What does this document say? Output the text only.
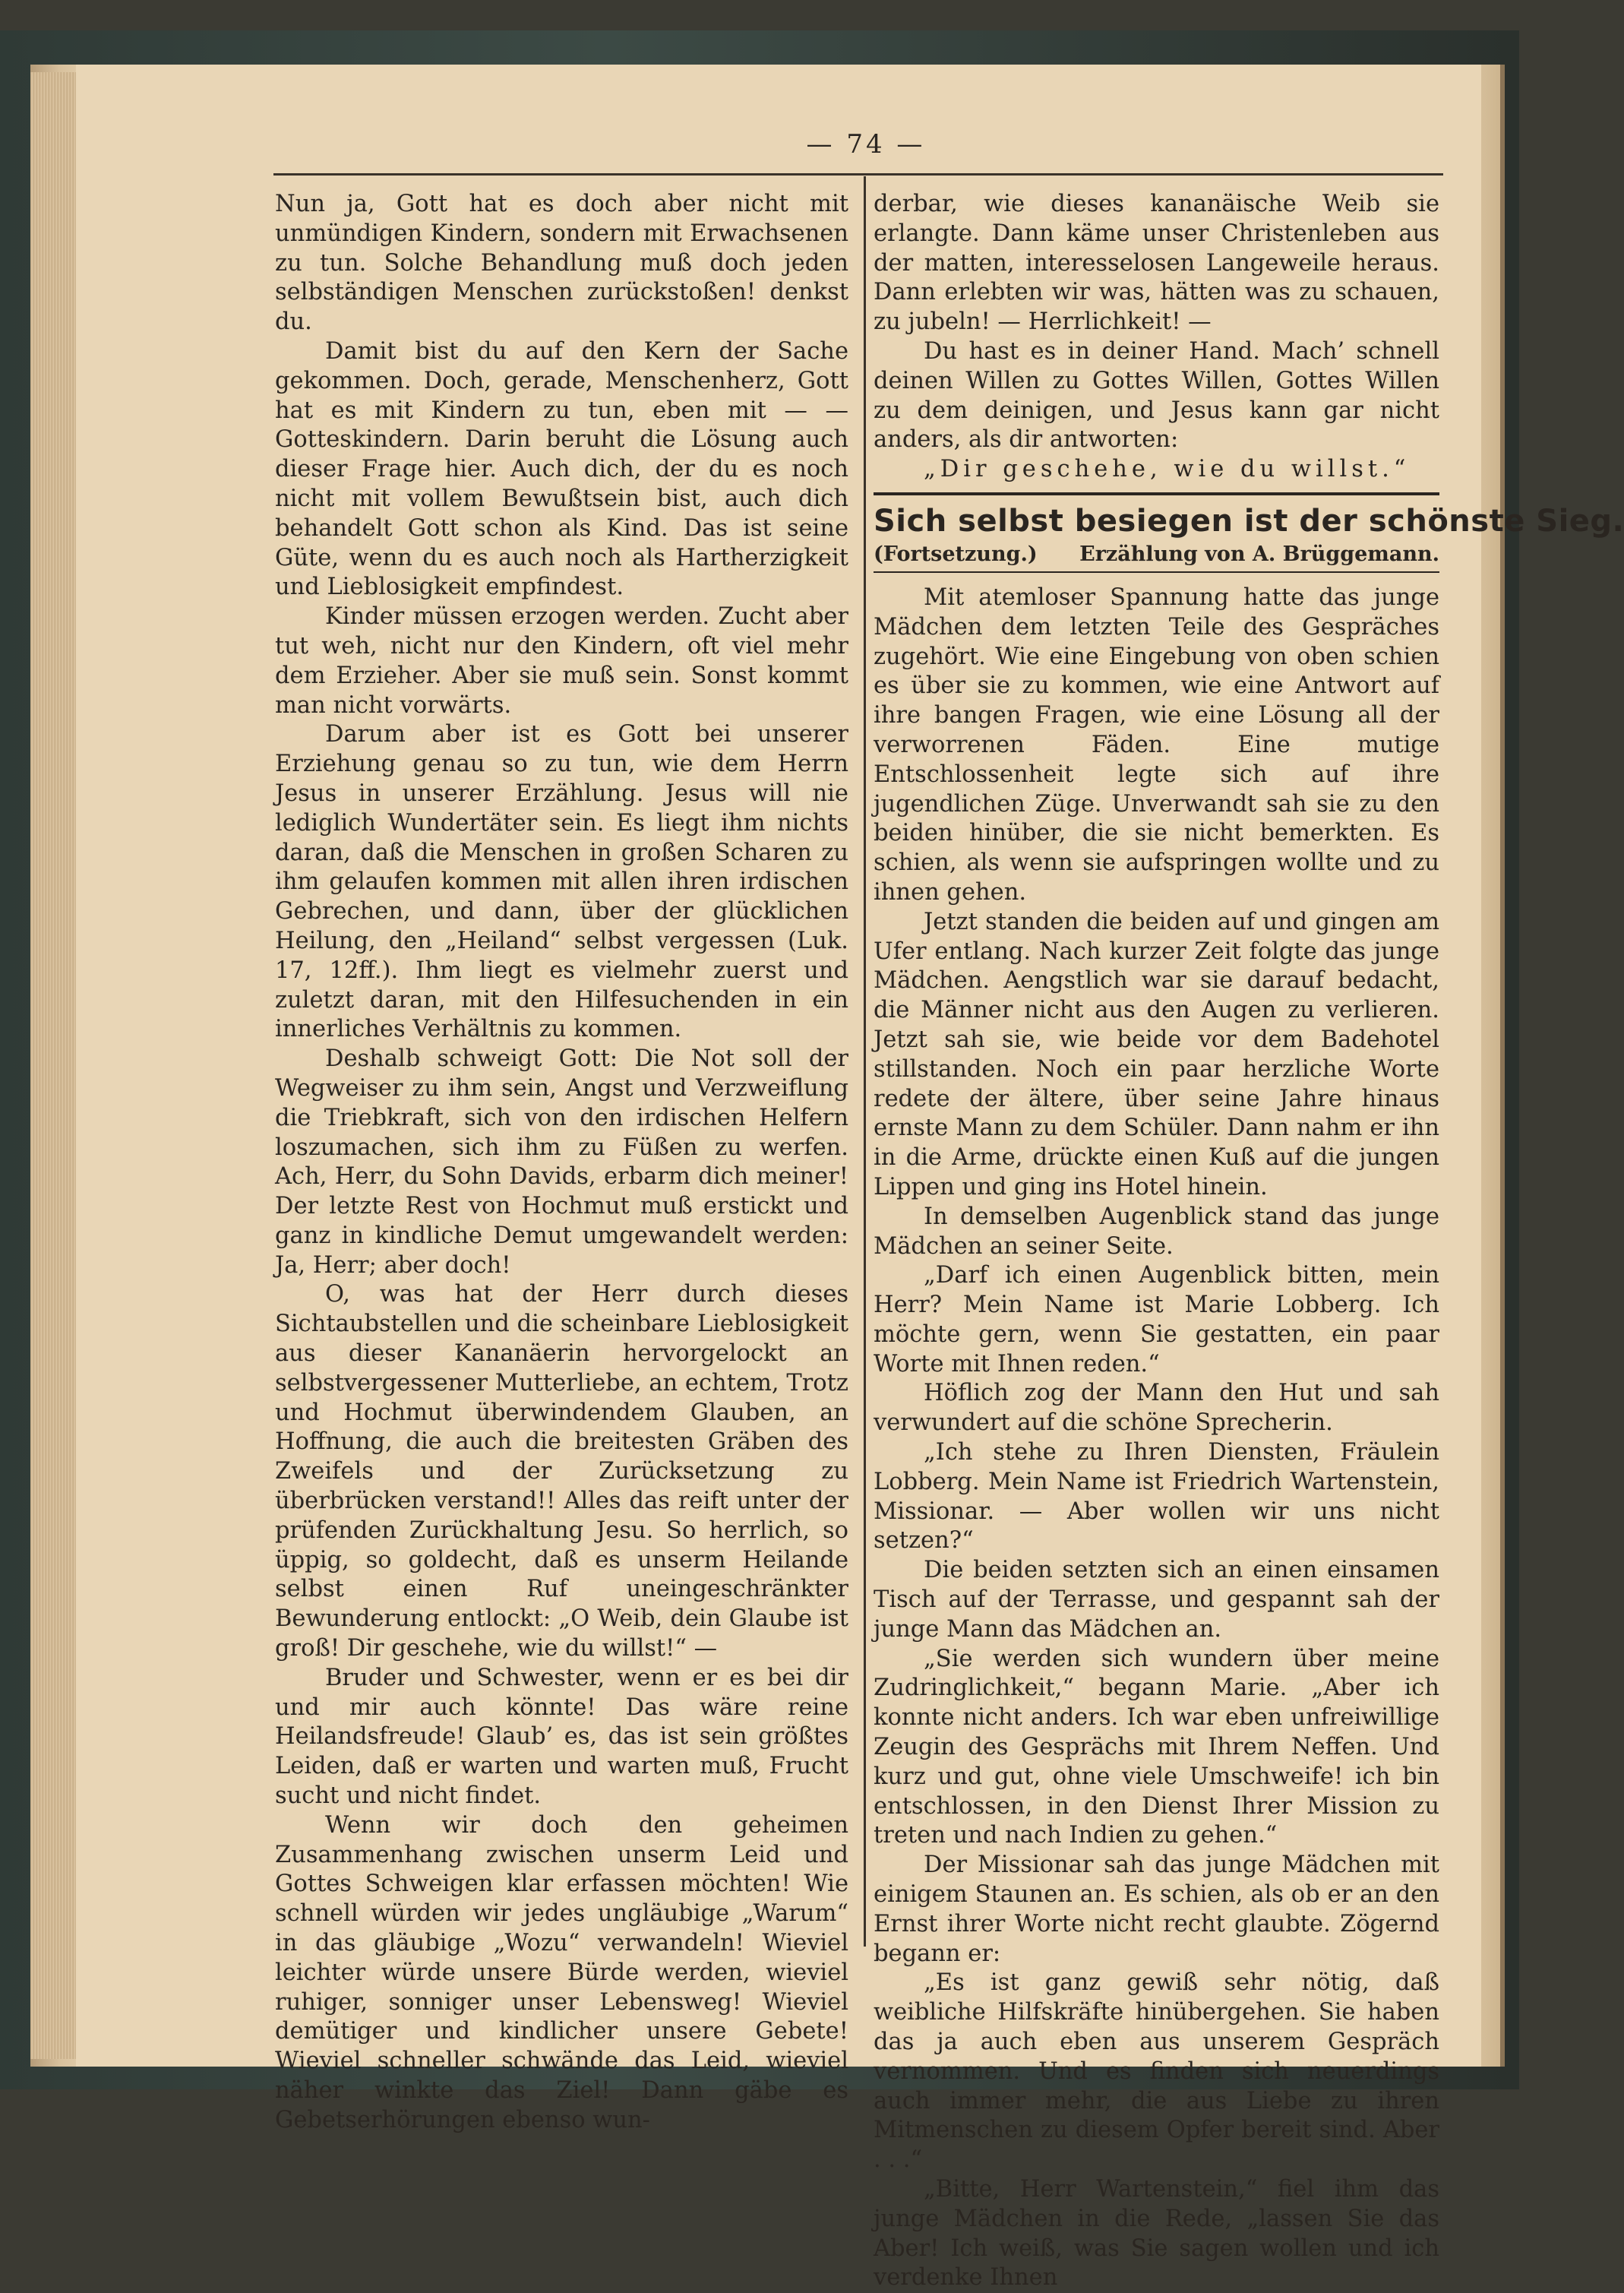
— 74 —

Nun ja, Gott hat es doch aber nicht mit unmündigen Kindern, sondern mit Erwachsenen zu tun. Solche Behandlung muß doch jeden selbständigen Menschen zurückstoßen! denkst du.

Damit bist du auf den Kern der Sache gekommen. Doch, gerade, Menschenherz, Gott hat es mit Kindern zu tun, eben mit — — Gotteskindern. Darin beruht die Lösung auch dieser Frage hier. Auch dich, der du es noch nicht mit vollem Bewußtsein bist, auch dich behandelt Gott schon als Kind. Das ist seine Güte, wenn du es auch noch als Hartherzigkeit und Lieblosigkeit empfindest.

Kinder müssen erzogen werden. Zucht aber tut weh, nicht nur den Kindern, oft viel mehr dem Erzieher. Aber sie muß sein. Sonst kommt man nicht vorwärts.

Darum aber ist es Gott bei unserer Erziehung genau so zu tun, wie dem Herrn Jesus in unserer Erzählung. Jesus will nie lediglich Wundertäter sein. Es liegt ihm nichts daran, daß die Menschen in großen Scharen zu ihm gelaufen kommen mit allen ihren irdischen Gebrechen, und dann, über der glücklichen Heilung, den „Heiland“ selbst vergessen (Luk. 17, 12ff.). Ihm liegt es vielmehr zuerst und zuletzt daran, mit den Hilfesuchenden in ein innerliches Verhältnis zu kommen.

Deshalb schweigt Gott: Die Not soll der Wegweiser zu ihm sein, Angst und Verzweiflung die Triebkraft, sich von den irdischen Helfern loszumachen, sich ihm zu Füßen zu werfen. Ach, Herr, du Sohn Davids, erbarm dich meiner! Der letzte Rest von Hochmut muß erstickt und ganz in kindliche Demut umgewandelt werden: Ja, Herr; aber doch!

O, was hat der Herr durch dieses Sichtaubstellen und die scheinbare Lieblosigkeit aus dieser Kananäerin hervorgelockt an selbstvergessener Mutterliebe, an echtem, Trotz und Hochmut überwindendem Glauben, an Hoffnung, die auch die breitesten Gräben des Zweifels und der Zurücksetzung zu überbrücken verstand!! Alles das reift unter der prüfenden Zurückhaltung Jesu. So herrlich, so üppig, so goldecht, daß es unserm Heilande selbst einen Ruf uneingeschränkter Bewunderung entlockt: „O Weib, dein Glaube ist groß! Dir geschehe, wie du willst!“ —

Bruder und Schwester, wenn er es bei dir und mir auch könnte! Das wäre reine Heilandsfreude! Glaub’ es, das ist sein größtes Leiden, daß er warten und warten muß, Frucht sucht und nicht findet.

Wenn wir doch den geheimen Zusammenhang zwischen unserm Leid und Gottes Schweigen klar erfassen möchten! Wie schnell würden wir jedes ungläubige „Warum“ in das gläubige „Wozu“ verwandeln! Wieviel leichter würde unsere Bürde werden, wieviel ruhiger, sonniger unser Lebensweg! Wieviel demütiger und kindlicher unsere Gebete! Wieviel schneller schwände das Leid, wieviel näher winkte das Ziel! Dann gäbe es Gebetserhörungen ebenso wun-

derbar, wie dieses kananäische Weib sie erlangte. Dann käme unser Christenleben aus der matten, interesselosen Langeweile heraus. Dann erlebten wir was, hätten was zu schauen, zu jubeln! — Herrlichkeit! —

Du hast es in deiner Hand. Mach’ schnell deinen Willen zu Gottes Willen, Gottes Willen zu dem deinigen, und Jesus kann gar nicht anders, als dir antworten:

„Dir geschehe, wie du willst.“

Sich selbst besiegen ist der schönste Sieg.
(Fortsetzung.) Erzählung von A. Brüggemann.

Mit atemloser Spannung hatte das junge Mädchen dem letzten Teile des Gespräches zugehört. Wie eine Eingebung von oben schien es über sie zu kommen, wie eine Antwort auf ihre bangen Fragen, wie eine Lösung all der verworrenen Fäden. Eine mutige Entschlossenheit legte sich auf ihre jugendlichen Züge. Unverwandt sah sie zu den beiden hinüber, die sie nicht bemerkten. Es schien, als wenn sie aufspringen wollte und zu ihnen gehen.

Jetzt standen die beiden auf und gingen am Ufer entlang. Nach kurzer Zeit folgte das junge Mädchen. Aengstlich war sie darauf bedacht, die Männer nicht aus den Augen zu verlieren. Jetzt sah sie, wie beide vor dem Badehotel stillstanden. Noch ein paar herzliche Worte redete der ältere, über seine Jahre hinaus ernste Mann zu dem Schüler. Dann nahm er ihn in die Arme, drückte einen Kuß auf die jungen Lippen und ging ins Hotel hinein.

In demselben Augenblick stand das junge Mädchen an seiner Seite.

„Darf ich einen Augenblick bitten, mein Herr? Mein Name ist Marie Lobberg. Ich möchte gern, wenn Sie gestatten, ein paar Worte mit Ihnen reden.“

Höflich zog der Mann den Hut und sah verwundert auf die schöne Sprecherin.

„Ich stehe zu Ihren Diensten, Fräulein Lobberg. Mein Name ist Friedrich Wartenstein, Missionar. — Aber wollen wir uns nicht setzen?“

Die beiden setzten sich an einen einsamen Tisch auf der Terrasse, und gespannt sah der junge Mann das Mädchen an.

„Sie werden sich wundern über meine Zudringlichkeit,“ begann Marie. „Aber ich konnte nicht anders. Ich war eben unfreiwillige Zeugin des Gesprächs mit Ihrem Neffen. Und kurz und gut, ohne viele Umschweife! ich bin entschlossen, in den Dienst Ihrer Mission zu treten und nach Indien zu gehen.“

Der Missionar sah das junge Mädchen mit einigem Staunen an. Es schien, als ob er an den Ernst ihrer Worte nicht recht glaubte. Zögernd begann er:

„Es ist ganz gewiß sehr nötig, daß weibliche Hilfskräfte hinübergehen. Sie haben das ja auch eben aus unserem Gespräch vernommen. Und es finden sich neuerdings auch immer mehr, die aus Liebe zu ihren Mitmenschen zu diesem Opfer bereit sind. Aber . . .“

„Bitte, Herr Wartenstein,“ fiel ihm das junge Mädchen in die Rede, „lassen Sie das Aber! Ich weiß, was Sie sagen wollen und ich verdenke Ihnen
